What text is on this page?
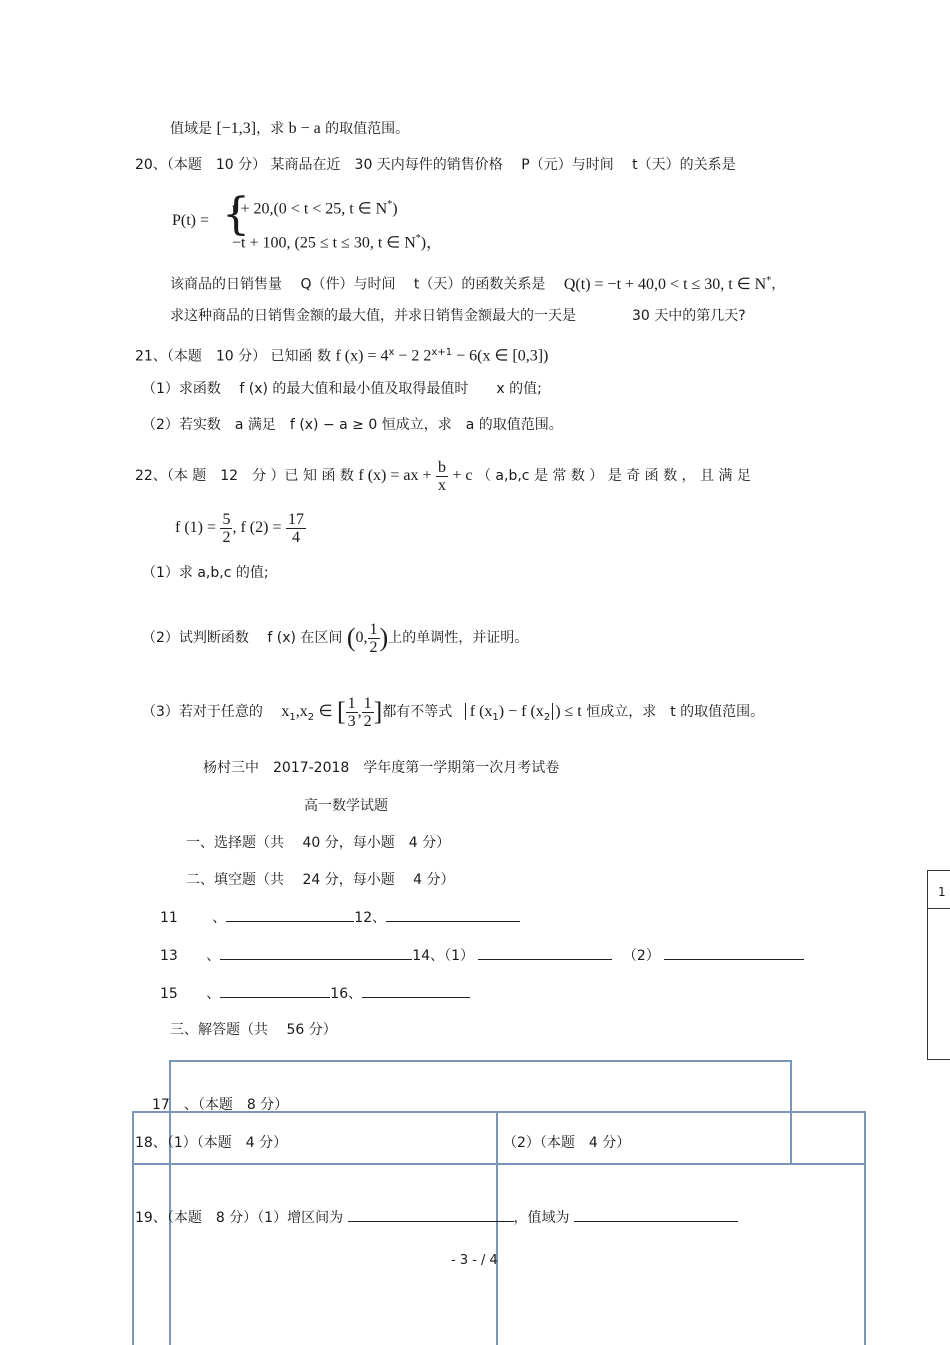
值域是 [−1,3]，求 b − a 的取值范围。
20、（本题　10 分） 某商品在近　30 天内每件的销售价格　 P（元）与时间　 t（天）的关系是
P(t) = {
t + 20,(0 < t < 25, t ∈ N*)
−t + 100, (25 ≤ t ≤ 30, t ∈ N*)，
该商品的日销售量　 Q（件）与时间　 t（天）的函数关系是 Q(t) = −t + 40,0 < t ≤ 30, t ∈ N*，
求这种商品的日销售金额的最大值，并求日销售金额最大的一天是　　　　30 天中的第几天?
21、（本题　10 分） 已知函 数 f $(x) = 4^x - 2$ $2^{x+1} - 6(x$ ∈ [0,3])
（1）求函数　 f (x) 的最大值和最小值及取得最值时　　x 的值;
（2）若实数　a 满足　f (x) − a ≥ 0 恒成立，求　a 的取值范围。
22、（本 题　12　分 ）已 知 函 数 f (x) = ax + $\frac{b}{x} + c$ （ a,b,c 是 常 数 ） 是 奇 函 数 ， 且 满 足
f $(1) = \frac{5}{2}$ , f $(2) = \frac{17}{4}$
（1）求 a,b,c 的值;
（2）试判断函数　 f (x) 在区间 (0, $\frac{1}{2}$ )上的单调性，并证明。
（3）若对于任意的 $x_1,x_2$ ∈ [ $\frac{1}{3}$ , $\frac{1}{2}$ ]都有不等式 f $(x_1) - f$ ($x_2$ ) ≤ t 恒成立，求　t 的取值范围。
杨村三中　2017-2018　学年度第一学期第一次月考试卷
高一数学试题
一、选择题（共　 40 分，每小题　4 分）
二、填空题（共　 24 分，每小题　 4 分）
11 、	12、
13 、	14、（1）	（2）
15 、	16、
三、解答题（共　 56 分）
17　、（本题　8 分）
18、（1）（本题　4 分）	（2）（本题　4 分）
19、（本题　8 分）（1）增区间为	，值域为
1
- 3 - / 4
